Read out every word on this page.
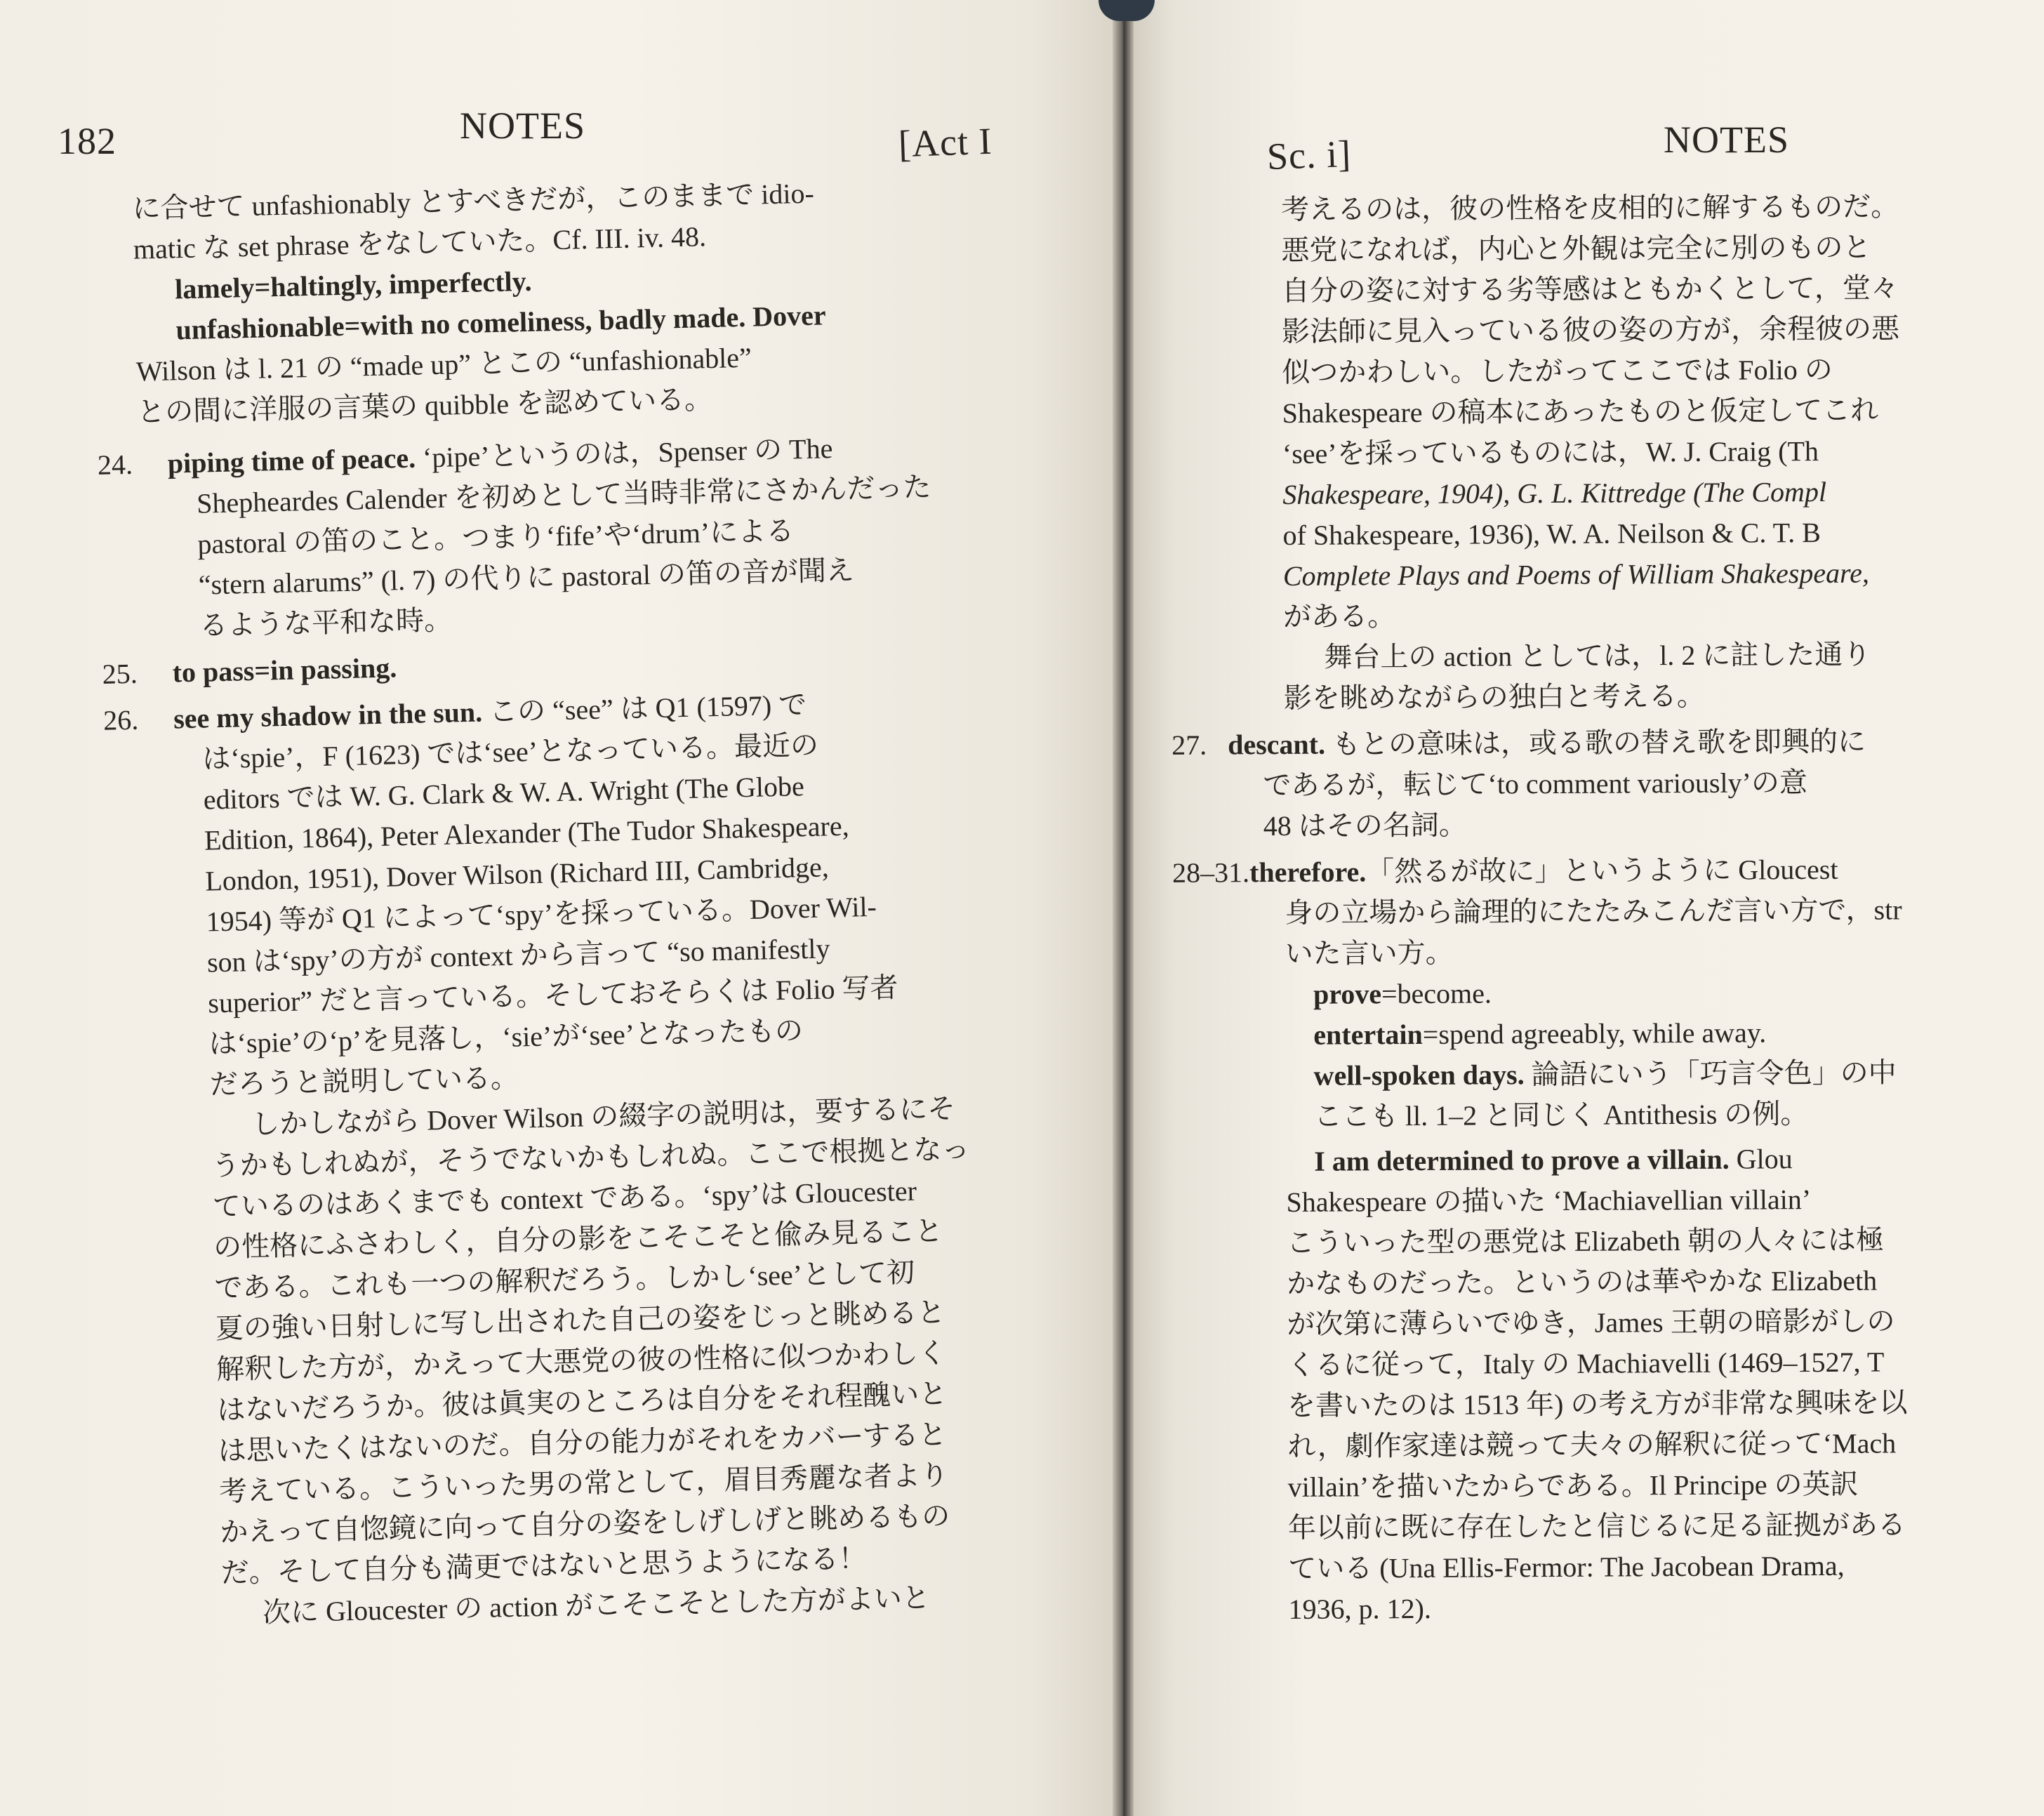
182	NOTES	[Act I	Sc. i]	NOTES

に合せて unfashionably とすべきだが，このままで idio-

matic な set phrase をなしていた。Cf. III. iv. 48.

lamely=haltingly, imperfectly.

unfashionable=with no comeliness, badly made. Dover

Wilson は l. 21 の “made up” とこの “unfashionable”

との間に洋服の言葉の quibble を認めている。

24.	piping time of peace. ‘pipe’というのは，Spenser の The

Shepheardes Calender を初めとして当時非常にさかんだった

pastoral の笛のこと。つまり‘fife’や‘drum’による

“stern alarums” (l. 7) の代りに pastoral の笛の音が聞え

るような平和な時。

25.	to pass=in passing.
26.	see my shadow in the sun. この “see” は Q1 (1597) で

は‘spie’，F (1623) では‘see’となっている。最近の

editors では W. G. Clark & W. A. Wright (The Globe

Edition, 1864), Peter Alexander (The Tudor Shakespeare,

London, 1951), Dover Wilson (Richard III, Cambridge,

1954) 等が Q1 によって‘spy’を採っている。Dover Wil-

son は‘spy’の方が context から言って “so manifestly

superior” だと言っている。そしておそらくは Folio 写者

は‘spie’の‘p’を見落し，‘sie’が‘see’となったもの

だろうと説明している。

しかしながら Dover Wilson の綴字の説明は，要するにそ

うかもしれぬが，そうでないかもしれぬ。ここで根拠となっ

ているのはあくまでも context である。‘spy’は Gloucester

の性格にふさわしく，自分の影をこそこそと偸み見ること

である。これも一つの解釈だろう。しかし‘see’として初

夏の強い日射しに写し出された自己の姿をじっと眺めると

解釈した方が，かえって大悪党の彼の性格に似つかわしく

はないだろうか。彼は眞実のところは自分をそれ程醜いと

は思いたくはないのだ。自分の能力がそれをカバーすると

考えている。こういった男の常として，眉目秀麗な者より

かえって自惚鏡に向って自分の姿をしげしげと眺めるもの

だ。そして自分も満更ではないと思うようになる！

次に Gloucester の action がこそこそとした方がよいと

考えるのは，彼の性格を皮相的に解するものだ。

悪党になれば，内心と外観は完全に別のものと

自分の姿に対する劣等感はともかくとして，堂々

影法師に見入っている彼の姿の方が，余程彼の悪

似つかわしい。したがってここでは Folio の

Shakespeare の稿本にあったものと仮定してこれ

‘see’を採っているものには，W. J. Craig (Th

Shakespeare, 1904), G. L. Kittredge (The Compl

of Shakespeare, 1936), W. A. Neilson & C. T. B

Complete Plays and Poems of William Shakespeare,

がある。

舞台上の action としては，l. 2 に註した通り

影を眺めながらの独白と考える。

27. descant. もとの意味は，或る歌の替え歌を即興的に

であるが，転じて‘to comment variously’の意

48 はその名詞。

28–31. therefore.「然るが故に」というように Gloucest

身の立場から論理的にたたみこんだ言い方で，str

いた言い方。

prove=become.

entertain=spend agreeably, while away.

well-spoken days. 論語にいう「巧言令色」の中

ここも ll. 1–2 と同じく Antithesis の例。

I am determined to prove a villain. Glou

Shakespeare の描いた ‘Machiavellian villain’

こういった型の悪党は Elizabeth 朝の人々には極

かなものだった。というのは華やかな Elizabeth

が次第に薄らいでゆき，James 王朝の暗影がしの

くるに従って，Italy の Machiavelli (1469–1527, T

を書いたのは 1513 年) の考え方が非常な興味を以

れ，劇作家達は競って夫々の解釈に従って‘Mach

villain’を描いたからである。Il Principe の英訳

年以前に既に存在したと信じるに足る証拠がある

ている (Una Ellis-Fermor: The Jacobean Drama,

1936, p. 12).
